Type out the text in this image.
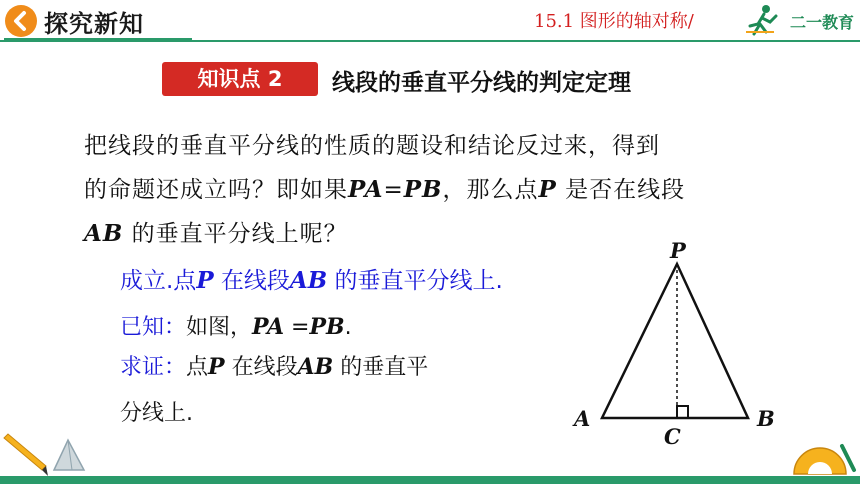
探究新知	15.1 图形的轴对称/	二一教育
知识点 2	线段的垂直平分线的判定定理
把线段的垂直平分线的性质的题设和结论反过来，得到
的命题还成立吗？即如果PA=PB，那么点P 是否在线段
AB 的垂直平分线上呢？
成立.点P 在线段AB 的垂直平分线上.
已知：如图，PA =PB.
求证：点P 在线段AB 的垂直平
分线上.
P
A	B
C
